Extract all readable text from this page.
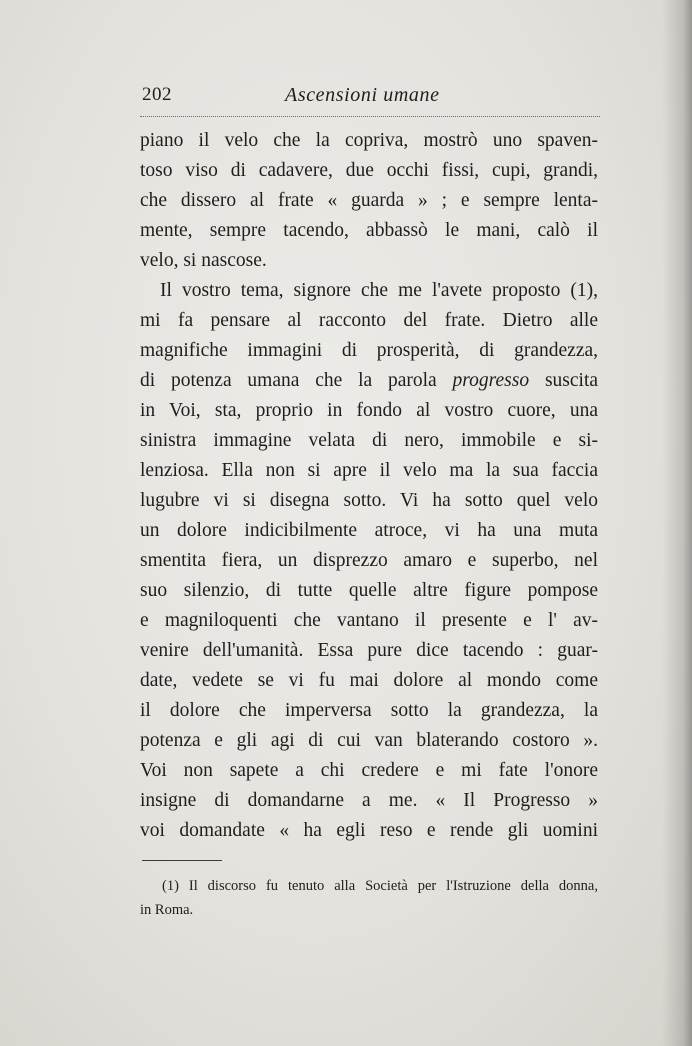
202	Ascensioni umane
piano il velo che la copriva, mostrò uno spaven-
toso viso di cadavere, due occhi fissi, cupi, grandi,
che dissero al frate « guarda » ; e sempre lenta-
mente, sempre tacendo, abbassò le mani, calò il
velo, si nascose.
Il vostro tema, signore che me l'avete proposto (1),
mi fa pensare al racconto del frate. Dietro alle
magnifiche immagini di prosperità, di grandezza,
di potenza umana che la parola progresso suscita
in Voi, sta, proprio in fondo al vostro cuore, una
sinistra immagine velata di nero, immobile e si-
lenziosa. Ella non si apre il velo ma la sua faccia
lugubre vi si disegna sotto. Vi ha sotto quel velo
un dolore indicibilmente atroce, vi ha una muta
smentita fiera, un disprezzo amaro e superbo, nel
suo silenzio, di tutte quelle altre figure pompose
e magniloquenti che vantano il presente e l' av-
venire dell'umanità. Essa pure dice tacendo : guar-
date, vedete se vi fu mai dolore al mondo come
il dolore che imperversa sotto la grandezza, la
potenza e gli agi di cui van blaterando costoro ».
Voi non sapete a chi credere e mi fate l'onore
insigne di domandarne a me. « Il Progresso »
voi domandate « ha egli reso e rende gli uomini
(1) Il discorso fu tenuto alla Società per l'Istruzione della donna,
in Roma.
